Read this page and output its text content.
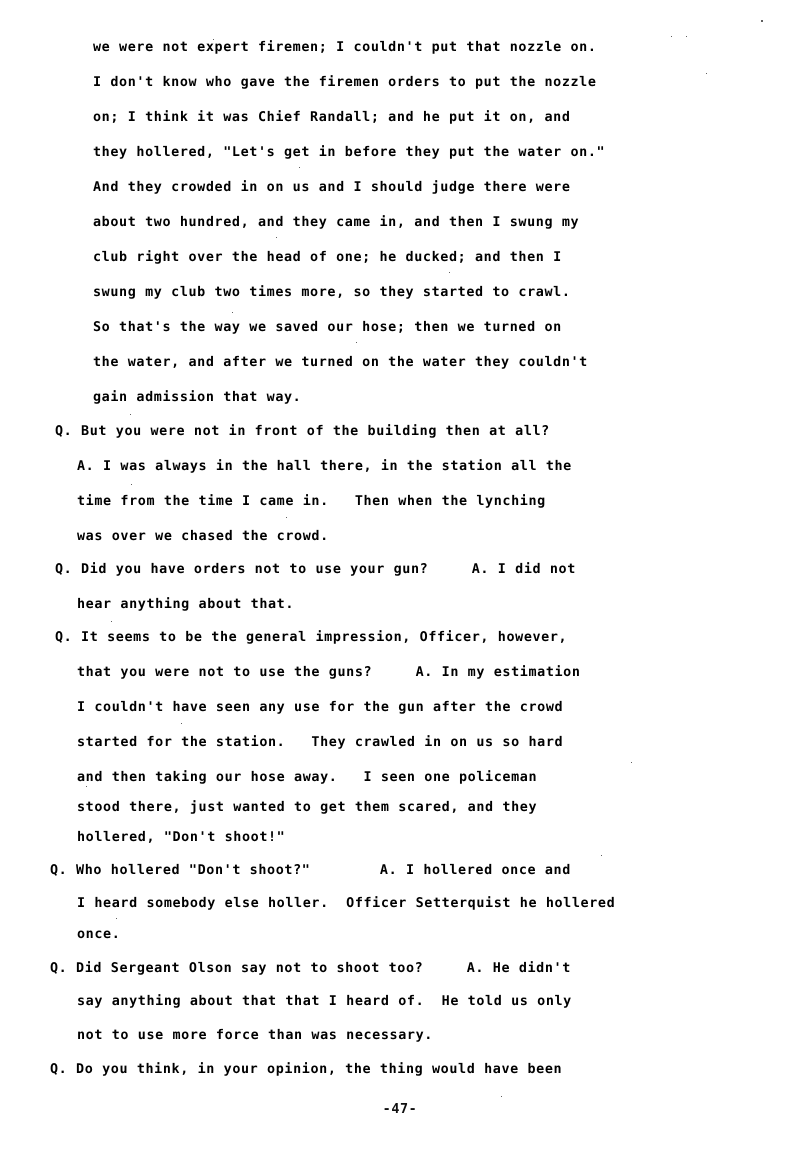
we were not expert firemen; I couldn't put that nozzle on.
I don't know who gave the firemen orders to put the nozzle
on; I think it was Chief Randall; and he put it on, and
they hollered, "Let's get in before they put the water on."
And they crowded in on us and I should judge there were
about two hundred, and they came in, and then I swung my
club right over the head of one; he ducked; and then I
swung my club two times more, so they started to crawl.
So that's the way we saved our hose; then we turned on
the water, and after we turned on the water they couldn't
gain admission that way.
Q. But you were not in front of the building then at all?
A. I was always in the hall there, in the station all the
time from the time I came in.   Then when the lynching
was over we chased the crowd.
Q. Did you have orders not to use your gun?     A. I did not
hear anything about that.
Q. It seems to be the general impression, Officer, however,
that you were not to use the guns?     A. In my estimation
I couldn't have seen any use for the gun after the crowd
started for the station.   They crawled in on us so hard
and then taking our hose away.   I seen one policeman
stood there, just wanted to get them scared, and they
hollered, "Don't shoot!"
Q. Who hollered "Don't shoot?"        A. I hollered once and
I heard somebody else holler.  Officer Setterquist he hollered
once.
Q. Did Sergeant Olson say not to shoot too?     A. He didn't
say anything about that that I heard of.  He told us only
not to use more force than was necessary.
Q. Do you think, in your opinion, the thing would have been
-47-
